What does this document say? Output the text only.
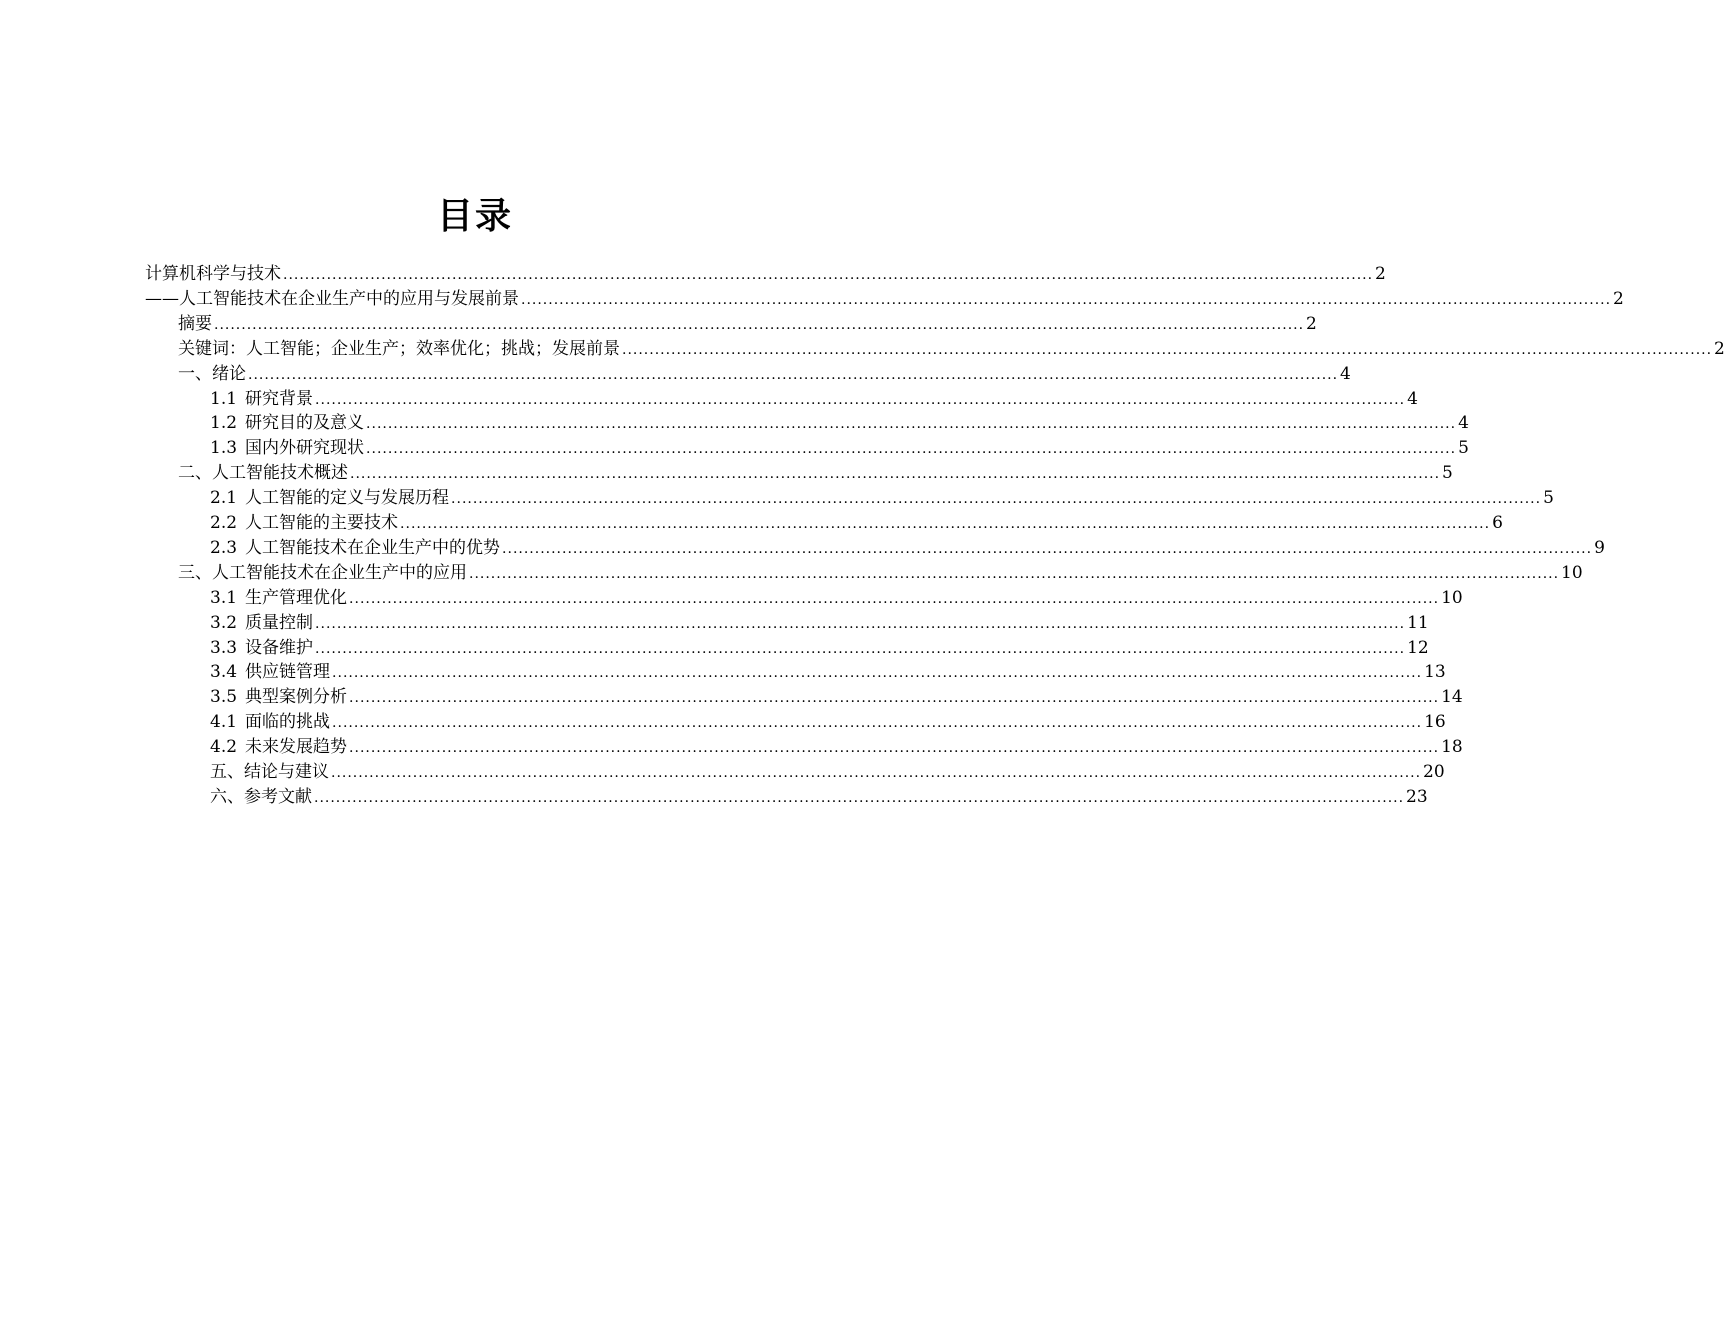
目录
计算机科学与技术 ........................................................................................................................................................................................................ 2
——人工智能技术在企业生产中的应用与发展前景 ........................................................................................................................................................................................................ 2
摘要 ........................................................................................................................................................................................................ 2
关键词：人工智能；企业生产；效率优化；挑战；发展前景 ........................................................................................................................................................................................................ 2
一、绪论 ........................................................................................................................................................................................................ 4
1.1 研究背景 ........................................................................................................................................................................................................ 4
1.2 研究目的及意义 ........................................................................................................................................................................................................ 4
1.3 国内外研究现状 ........................................................................................................................................................................................................ 5
二、人工智能技术概述 ........................................................................................................................................................................................................ 5
2.1 人工智能的定义与发展历程 ........................................................................................................................................................................................................ 5
2.2 人工智能的主要技术 ........................................................................................................................................................................................................ 6
2.3 人工智能技术在企业生产中的优势 ........................................................................................................................................................................................................ 9
三、人工智能技术在企业生产中的应用 ........................................................................................................................................................................................................ 10
3.1 生产管理优化 ........................................................................................................................................................................................................ 10
3.2 质量控制 ........................................................................................................................................................................................................ 11
3.3 设备维护 ........................................................................................................................................................................................................ 12
3.4 供应链管理 ........................................................................................................................................................................................................ 13
3.5 典型案例分析 ........................................................................................................................................................................................................ 14
4.1 面临的挑战 ........................................................................................................................................................................................................ 16
4.2 未来发展趋势 ........................................................................................................................................................................................................ 18
五、结论与建议 ........................................................................................................................................................................................................ 20
六、参考文献 ........................................................................................................................................................................................................ 23
